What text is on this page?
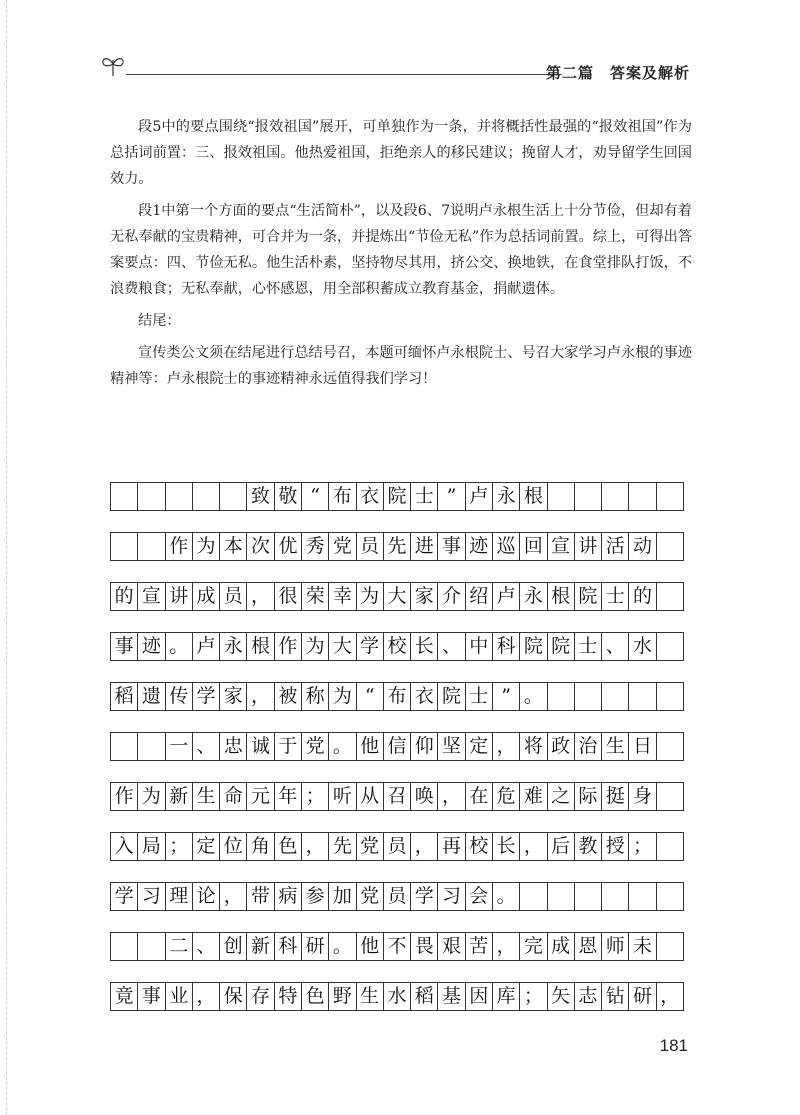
第二篇　答案及解析

段5中的要点围绕“报效祖国”展开，可单独作为一条，并将概括性最强的“报效祖国”作为总括词前置：三、报效祖国。他热爱祖国，拒绝亲人的移民建议；挽留人才，劝导留学生回国效力。

段1中第一个方面的要点“生活简朴”，以及段6、7说明卢永根生活上十分节俭，但却有着无私奉献的宝贵精神，可合并为一条，并提炼出“节俭无私”作为总括词前置。综上，可得出答案要点：四、节俭无私。他生活朴素，坚持物尽其用，挤公交、换地铁，在食堂排队打饭，不浪费粮食；无私奉献，心怀感恩，用全部积蓄成立教育基金，捐献遗体。

结尾：

宣传类公文须在结尾进行总结号召，本题可缅怀卢永根院士、号召大家学习卢永根的事迹精神等：卢永根院士的事迹精神永远值得我们学习！

致 敬 “ 布 衣 院 士 ” 卢 永 根
作 为 本 次 优 秀 党 员 先 进 事 迹 巡 回 宣 讲 活 动
的 宣 讲 成 员 ， 很 荣 幸 为 大 家 介 绍 卢 永 根 院 士 的
事 迹 。 卢 永 根 作 为 大 学 校 长 、 中 科 院 院 士 、 水
稻 遗 传 学 家 ， 被 称 为 “ 布 衣 院 士 ” 。
一 、 忠 诚 于 党 。 他 信 仰 坚 定 ， 将 政 治 生 日
作 为 新 生 命 元 年 ； 听 从 召 唤 ， 在 危 难 之 际 挺 身
入 局 ； 定 位 角 色 ， 先 党 员 ， 再 校 长 ， 后 教 授 ；
学 习 理 论 ， 带 病 参 加 党 员 学 习 会 。
二 、 创 新 科 研 。 他 不 畏 艰 苦 ， 完 成 恩 师 未
竟 事 业 ， 保 存 特 色 野 生 水 稻 基 因 库 ； 矢 志 钻 研 ，
181
